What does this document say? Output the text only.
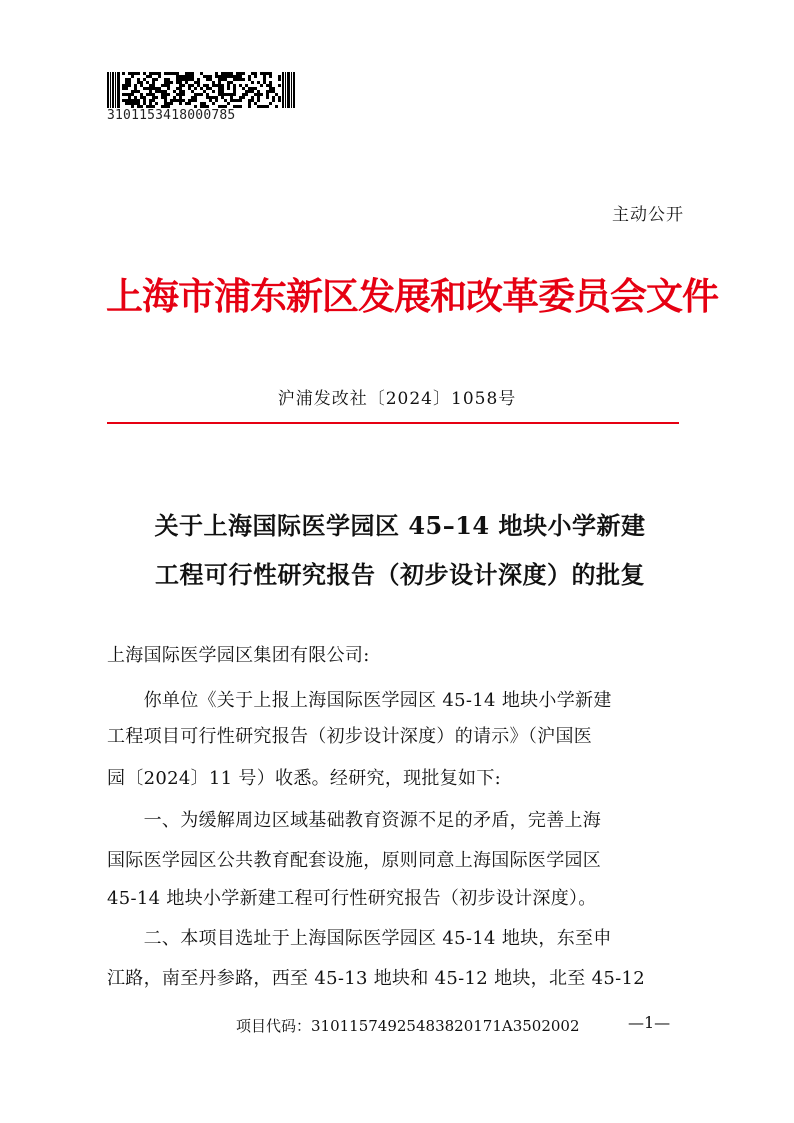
3101153418000785
主动公开
上海市浦东新区发展和改革委员会文件
沪浦发改社〔2024〕1058号
关于上海国际医学园区 45–14 地块小学新建
工程可行性研究报告（初步设计深度）的批复
上海国际医学园区集团有限公司:
　　你单位《关于上报上海国际医学园区 45-14 地块小学新建
工程项目可行性研究报告（初步设计深度）的请示》（沪国医
园〔2024〕11 号）收悉。经研究，现批复如下:
　　一、为缓解周边区域基础教育资源不足的矛盾，完善上海
国际医学园区公共教育配套设施，原则同意上海国际医学园区
45-14 地块小学新建工程可行性研究报告（初步设计深度）。
　　二、本项目选址于上海国际医学园区 45-14 地块，东至申
江路，南至丹参路，西至 45-13 地块和 45-12 地块，北至 45-12
项目代码：31011574925483820171A3502002	—1—
